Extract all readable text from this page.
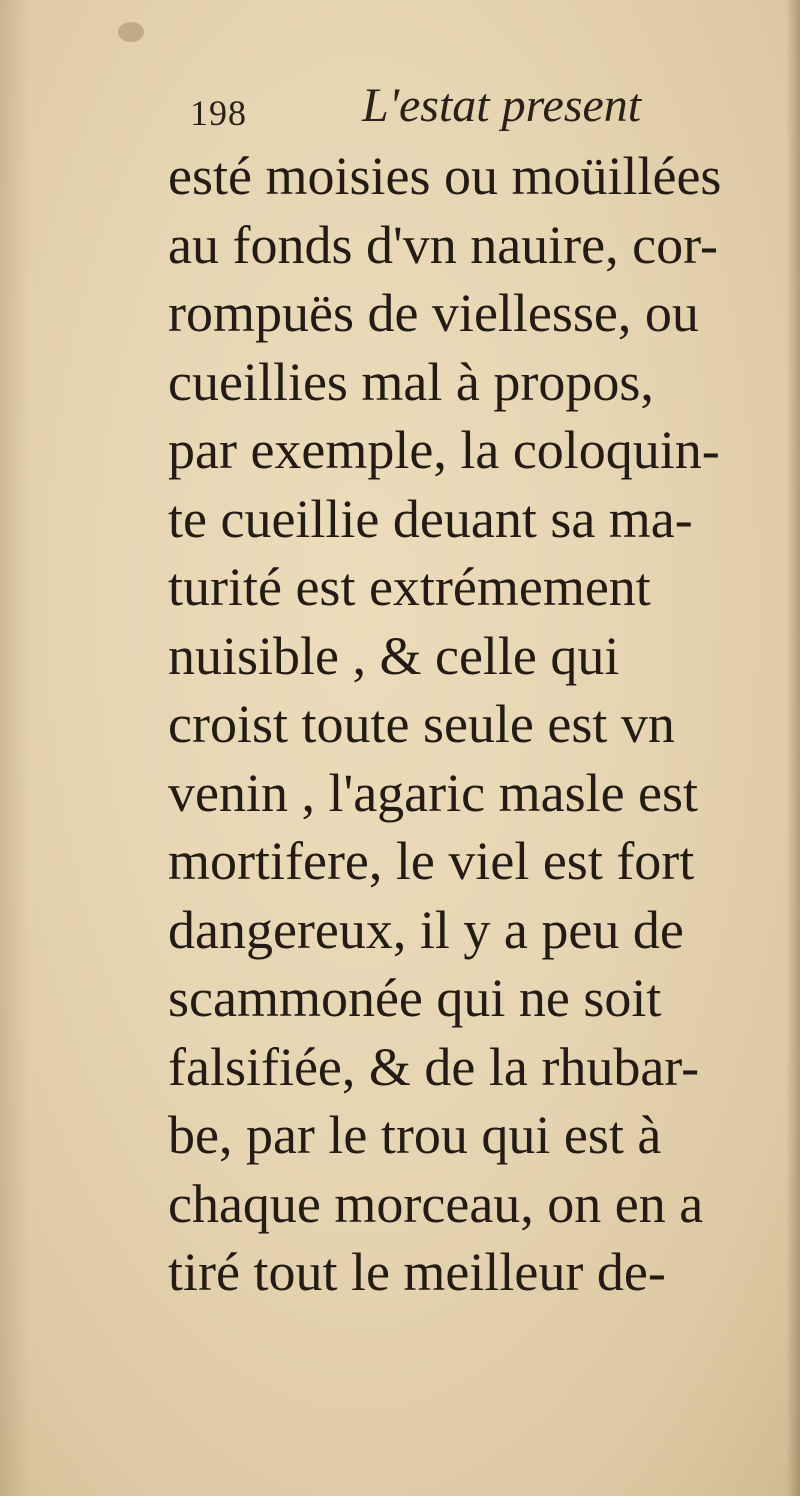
198 L'estat present
esté moisies ou moüillées
au fonds d'vn nauire, cor-
rompuës de viellesse, ou
cueillies mal à propos,
par exemple, la coloquin-
te cueillie deuant sa ma-
turité est extrémement
nuisible , & celle qui
croist toute seule est vn
venin , l'agaric masle est
mortifere, le viel est fort
dangereux, il y a peu de
scammonée qui ne soit
falsifiée, & de la rhubar-
be, par le trou qui est à
chaque morceau, on en a
tiré tout le meilleur de-
